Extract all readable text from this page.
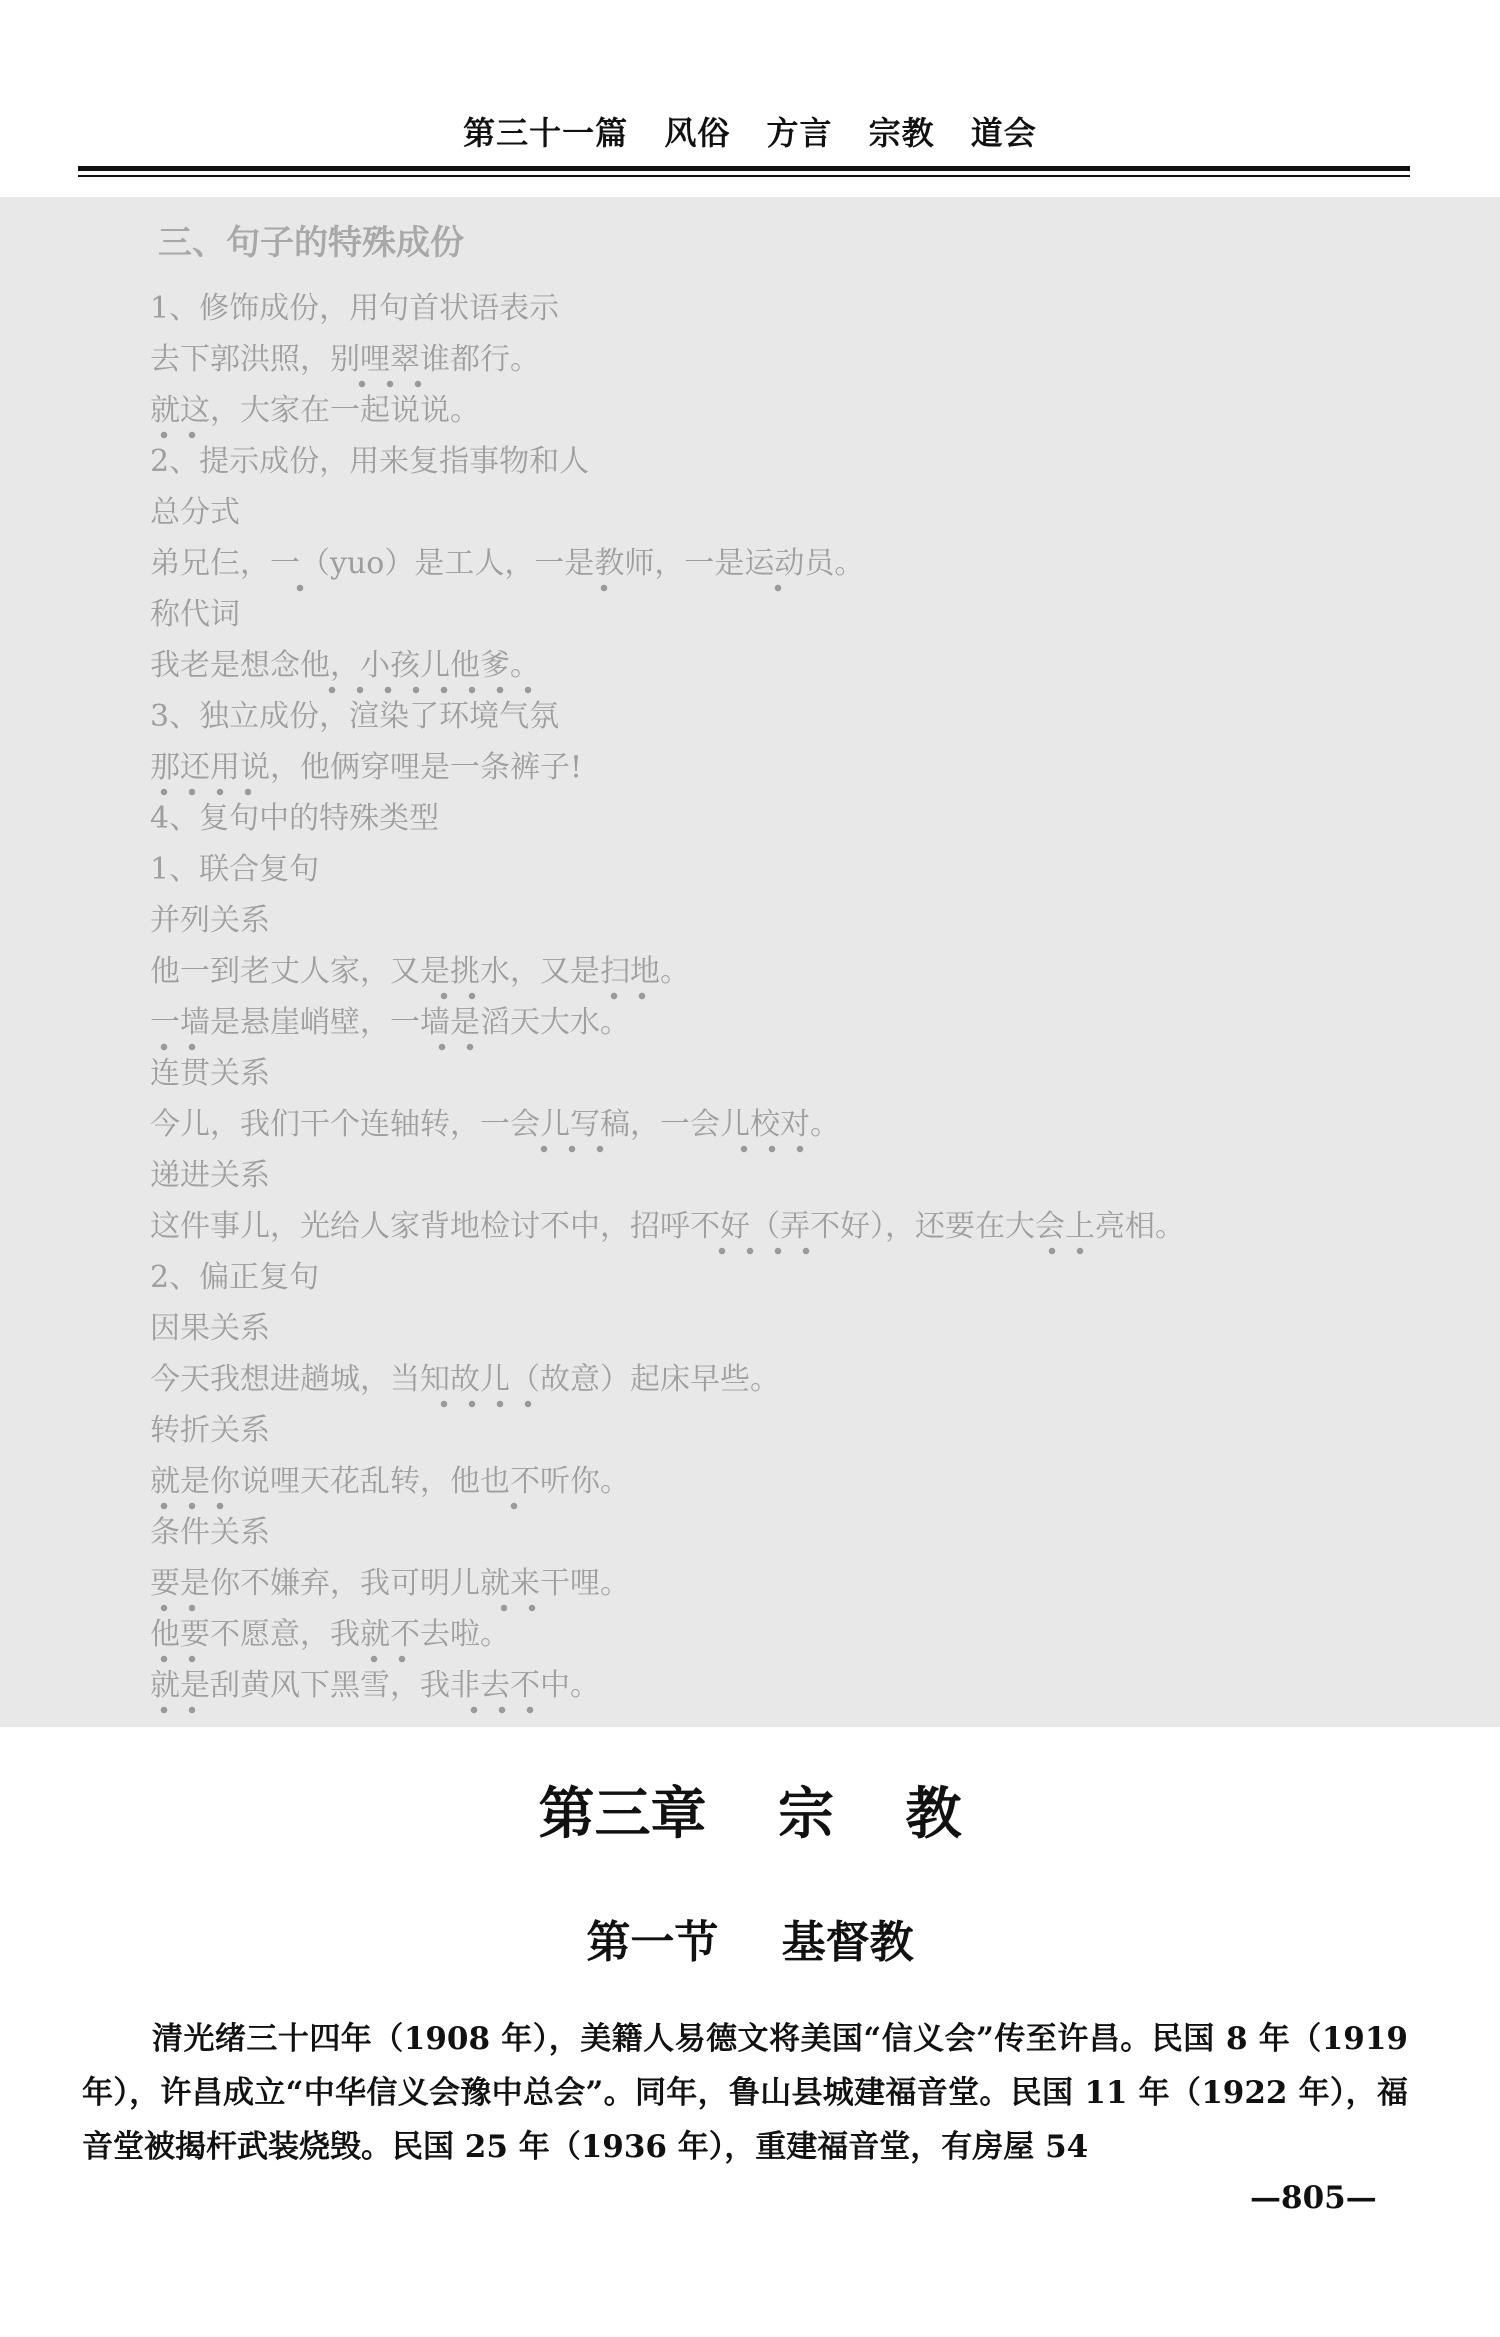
第三十一篇 风俗 方言 宗教 道会
三、句子的特殊成份
1、修饰成份，用句首状语表示
去下郭洪照，别哩翠谁都行。
就这，大家在一起说说。
2、提示成份，用来复指事物和人
总分式
弟兄仨，一（yuo）是工人，一是教师，一是运动员。
称代词
我老是想念他，小孩儿他爹。
3、独立成份，渲染了环境气氛
那还用说，他俩穿哩是一条裤子!
4、复句中的特殊类型
1、联合复句
并列关系
他一到老丈人家，又是挑水，又是扫地。
一墙是悬崖峭壁，一墙是滔天大水。
连贯关系
今儿，我们干个连轴转，一会儿写稿，一会儿校对。
递进关系
这件事儿，光给人家背地检讨不中，招呼不好（弄不好），还要在大会上亮相。
2、偏正复句
因果关系
今天我想进趟城，当知故儿（故意）起床早些。
转折关系
就是你说哩天花乱转，他也不听你。
条件关系
要是你不嫌弃，我可明儿就来干哩。
他要不愿意，我就不去啦。
就是刮黄风下黑雪，我非去不中。
第三章 宗 教
第一节 基督教
清光绪三十四年（1908 年），美籍人易德文将美国“信义会”传至许昌。民国 8 年（1919 年），许昌成立“中华信义会豫中总会”。同年，鲁山县城建福音堂。民国 11 年（1922 年），福音堂被揭杆武装烧毁。民国 25 年（1936 年），重建福音堂，有房屋 54
—805—
